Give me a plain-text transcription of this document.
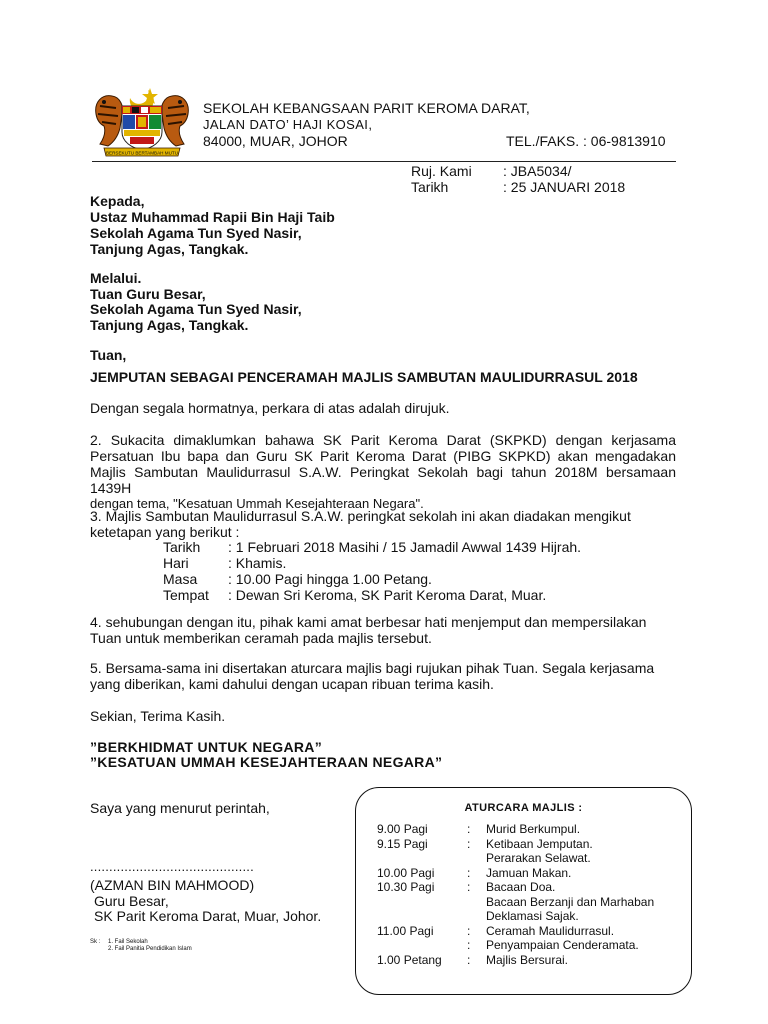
BERSEKUTU BERTAMBAH MUTU
SEKOLAH KEBANGSAAN PARIT KEROMA DARAT,
JALAN DATO’ HAJI KOSAI,
84000, MUAR, JOHOR	TEL./FAKS. : 06-9813910
Ruj. Kami : JBA5034/
Tarikh	: 25 JANUARI 2018
Kepada,
Ustaz Muhammad Rapii Bin Haji Taib
Sekolah Agama Tun Syed Nasir,
Tanjung Agas, Tangkak.
Melalui.
Tuan Guru Besar,
Sekolah Agama Tun Syed Nasir,
Tanjung Agas, Tangkak.
Tuan,
JEMPUTAN SEBAGAI PENCERAMAH MAJLIS SAMBUTAN MAULIDURRASUL 2018
Dengan segala hormatnya, perkara di atas adalah dirujuk.
2. Sukacita dimaklumkan bahawa SK Parit Keroma Darat (SKPKD) dengan kerjasama Persatuan Ibu bapa dan Guru SK Parit Keroma Darat (PIBG SKPKD) akan mengadakan Majlis Sambutan Maulidurrasul S.A.W. Peringkat Sekolah bagi tahun 2018M bersamaan 1439H
dengan tema, "Kesatuan Ummah Kesejahteraan Negara".
3. Majlis Sambutan Maulidurrasul S.A.W. peringkat sekolah ini akan diadakan mengikut
ketetapan yang berikut :
Tarikh	: 1 Februari 2018 Masihi / 15 Jamadil Awwal 1439 Hijrah.
Hari	: Khamis.
Masa	: 10.00 Pagi hingga 1.00 Petang.
Tempat	: Dewan Sri Keroma, SK Parit Keroma Darat, Muar.
4. sehubungan dengan itu, pihak kami amat berbesar hati menjemput dan mempersilakan
Tuan untuk memberikan ceramah pada majlis tersebut.
5. Bersama-sama ini disertakan aturcara majlis bagi rujukan pihak Tuan. Segala kerjasama
yang diberikan, kami dahului dengan ucapan ribuan terima kasih.
Sekian, Terima Kasih.
”BERKHIDMAT UNTUK NEGARA”
”KESATUAN UMMAH KESEJAHTERAAN NEGARA”
Saya yang menurut perintah,
...........................................
(AZMAN BIN MAHMOOD)
Guru Besar,
SK Parit Keroma Darat, Muar, Johor.
Sk : 1. Fail Sekolah
2. Fail Panitia Pendidikan Islam
ATURCARA MAJLIS :
9.00 Pagi	:	Murid Berkumpul.
9.15 Pagi	:	Ketibaan Jemputan.
		Perarakan Selawat.
10.00 Pagi	:	Jamuan Makan.
10.30 Pagi	:	Bacaan Doa.
		Bacaan Berzanji dan Marhaban
		Deklamasi Sajak.
11.00 Pagi	:	Ceramah Maulidurrasul.
	:	Penyampaian Cenderamata.
1.00 Petang	:	Majlis Bersurai.
